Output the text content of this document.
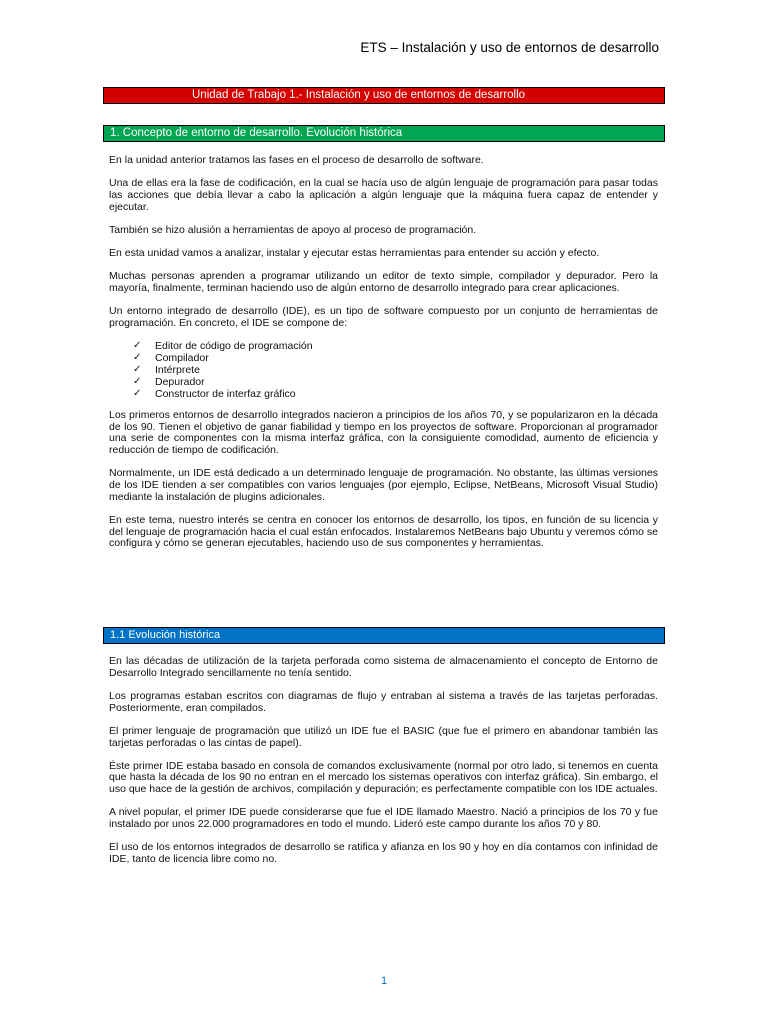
ETS – Instalación y uso de entornos de desarrollo
Unidad de Trabajo 1.- Instalación y uso de entornos de desarrollo
1. Concepto de entorno de desarrollo. Evolución histórica

En la unidad anterior tratamos las fases en el proceso de desarrollo de software.

Una de ellas era la fase de codificación, en la cual se hacía uso de algún lenguaje de programación para pasar todas las acciones que debía llevar a cabo la aplicación a algún lenguaje que la máquina fuera capaz de entender y ejecutar.

También se hizo alusión a herramientas de apoyo al proceso de programación.

En esta unidad vamos a analizar, instalar y ejecutar estas herramientas para entender su acción y efecto.

Muchas personas aprenden a programar utilizando un editor de texto simple, compilador y depurador. Pero la mayoría, finalmente, terminan haciendo uso de algún entorno de desarrollo integrado para crear aplicaciones.

Un entorno integrado de desarrollo (IDE), es un tipo de software compuesto por un conjunto de herramientas de programación. En concreto, el IDE se compone de:

✓ Editor de código de programación
✓ Compilador
✓ Intérprete
✓ Depurador
✓ Constructor de interfaz gráfico

Los primeros entornos de desarrollo integrados nacieron a principios de los años 70, y se popularizaron en la década de los 90. Tienen el objetivo de ganar fiabilidad y tiempo en los proyectos de software. Proporcionan al programador una serie de componentes con la misma interfaz gráfica, con la consiguiente comodidad, aumento de eficiencia y reducción de tiempo de codificación.

Normalmente, un IDE está dedicado a un determinado lenguaje de programación. No obstante, las últimas versiones de los IDE tienden a ser compatibles con varios lenguajes (por ejemplo, Eclipse, NetBeans, Microsoft Visual Studio) mediante la instalación de plugins adicionales.

En este tema, nuestro interés se centra en conocer los entornos de desarrollo, los tipos, en función de su licencia y del lenguaje de programación hacia el cual están enfocados. Instalaremos NetBeans bajo Ubuntu y veremos cómo se configura y cómo se generan ejecutables, haciendo uso de sus componentes y herramientas.

1.1 Evolución histórica

En las décadas de utilización de la tarjeta perforada como sistema de almacenamiento el concepto de Entorno de Desarrollo Integrado sencillamente no tenía sentido.

Los programas estaban escritos con diagramas de flujo y entraban al sistema a través de las tarjetas perforadas. Posteriormente, eran compilados.

El primer lenguaje de programación que utilizó un IDE fue el BASIC (que fue el primero en abandonar también las tarjetas perforadas o las cintas de papel).

Éste primer IDE estaba basado en consola de comandos exclusivamente (normal por otro lado, si tenemos en cuenta que hasta la década de los 90 no entran en el mercado los sistemas operativos con interfaz gráfica). Sin embargo, el uso que hace de la gestión de archivos, compilación y depuración; es perfectamente compatible con los IDE actuales.

A nivel popular, el primer IDE puede considerarse que fue el IDE llamado Maestro. Nació a principios de los 70 y fue instalado por unos 22.000 programadores en todo el mundo. Lideró este campo durante los años 70 y 80.

El uso de los entornos integrados de desarrollo se ratifica y afianza en los 90 y hoy en día contamos con infinidad de IDE, tanto de licencia libre como no.

1
